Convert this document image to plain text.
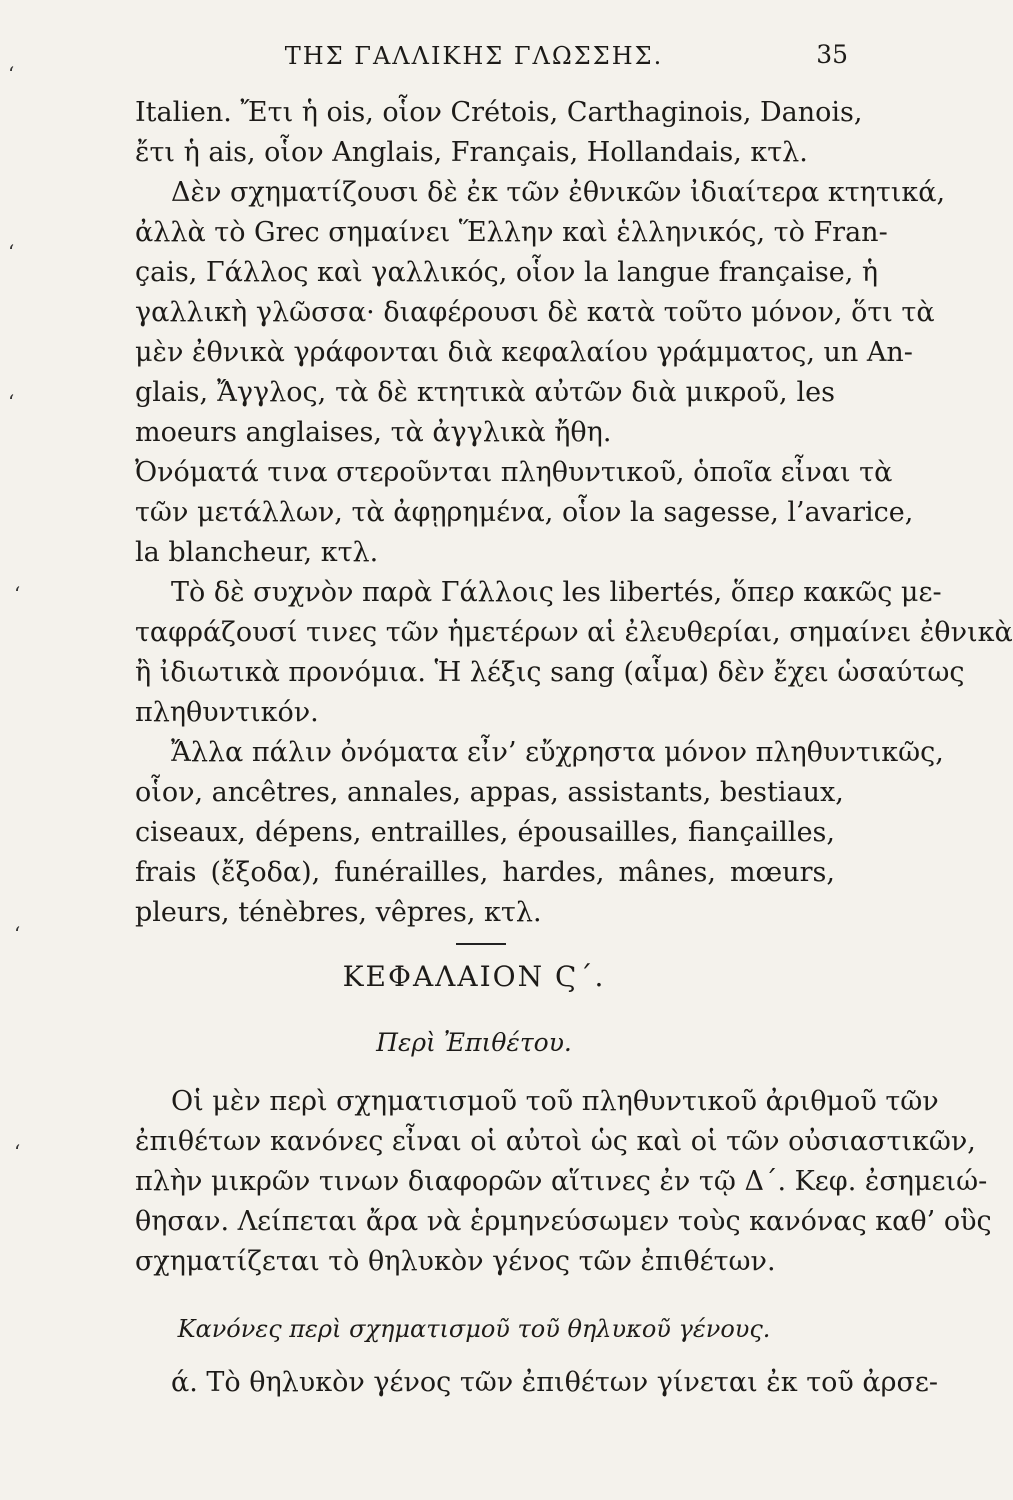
ΤΗΣ ΓΑΛΛΙΚΗΣ ΓΛΩΣΣΗΣ.	35
‘
‘
‘
‘
‘
‘
Italien. Ἔτι ἡ ois, οἷον Crétois, Carthaginois, Danois,
ἔτι ἡ ais, οἷον Anglais, Français, Hollandais, κτλ.
Δὲν σχηματίζουσι δὲ ἐκ τῶν ἐθνικῶν ἰδιαίτερα κτητικά,
ἀλλὰ τὸ Grec σημαίνει Ἕλλην καὶ ἑλληνικός, τὸ Fran-
çais, Γάλλος καὶ γαλλικός, οἷον la langue française, ἡ
γαλλικὴ γλῶσσα· διαφέρουσι δὲ κατὰ τοῦτο μόνον, ὅτι τὰ
μὲν ἐθνικὰ γράφονται διὰ κεφαλαίου γράμματος, un An-
glais, Ἄγγλος, τὰ δὲ κτητικὰ αὐτῶν διὰ μικροῦ, les
moeurs anglaises, τὰ ἀγγλικὰ ἤθη.
Ὀνόματά τινα στεροῦνται πληθυντικοῦ, ὁποῖα εἶναι τὰ
τῶν μετάλλων, τὰ ἀφῃρημένα, οἷον la sagesse, l’avarice,
la blancheur, κτλ.
Τὸ δὲ συχνὸν παρὰ Γάλλοις les libertés, ὅπερ κακῶς με-
ταφράζουσί τινες τῶν ἡμετέρων αἱ ἐλευθερίαι, σημαίνει ἐθνικὰ
ἢ ἰδιωτικὰ προνόμια. Ἡ λέξις sang (αἷμα) δὲν ἔχει ὡσαύτως
πληθυντικόν.
Ἄλλα πάλιν ὀνόματα εἶν’ εὔχρηστα μόνον πληθυντικῶς,
οἷον, ancêtres, annales, appas, assistants, bestiaux,
ciseaux, dépens, entrailles, épousailles, fiançailles,
frais (ἔξοδα), funérailles, hardes, mânes, mœurs,
pleurs, ténèbres, vêpres, κτλ.
ΚΕΦΑΛΑΙΟΝ Ϛ΄.
Περὶ Ἐπιθέτου.
Οἱ μὲν περὶ σχηματισμοῦ τοῦ πληθυντικοῦ ἀριθμοῦ τῶν
ἐπιθέτων κανόνες εἶναι οἱ αὐτοὶ ὡς καὶ οἱ τῶν οὐσιαστικῶν,
πλὴν μικρῶν τινων διαφορῶν αἵτινες ἐν τῷ Δ΄. Κεφ. ἐσημειώ-
θησαν. Λείπεται ἄρα νὰ ἑρμηνεύσωμεν τοὺς κανόνας καθ’ οὓς
σχηματίζεται τὸ θηλυκὸν γένος τῶν ἐπιθέτων.
Κανόνες περὶ σχηματισμοῦ τοῦ θηλυκοῦ γένους.
ά. Τὸ θηλυκὸν γένος τῶν ἐπιθέτων γίνεται ἐκ τοῦ ἀρσε-
